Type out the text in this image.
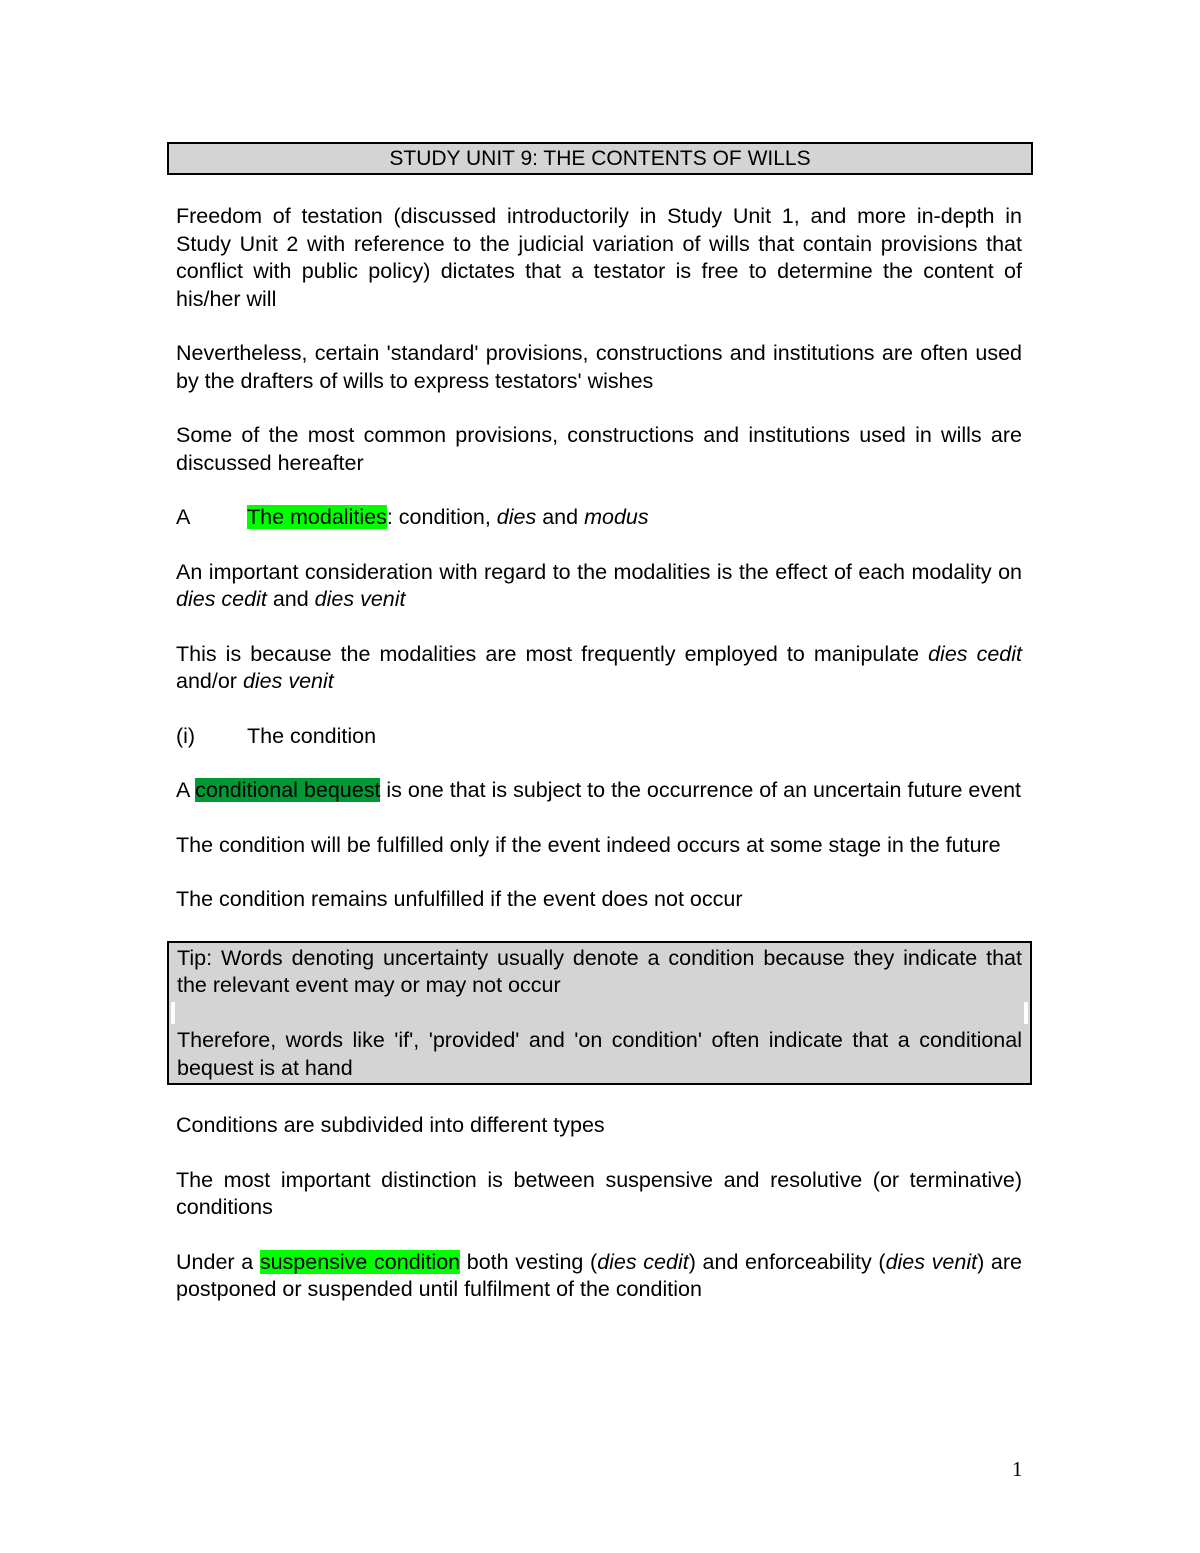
STUDY UNIT 9: THE CONTENTS OF WILLS

Freedom of testation (discussed introductorily in Study Unit 1, and more in-depth in Study Unit 2 with reference to the judicial variation of wills that contain provisions that conflict with public policy) dictates that a testator is free to determine the content of his/her will

Nevertheless, certain 'standard' provisions, constructions and institutions are often used by the drafters of wills to express testators' wishes

Some of the most common provisions, constructions and institutions used in wills are discussed hereafter

A	The modalities: condition, dies and modus

An important consideration with regard to the modalities is the effect of each modality on dies cedit and dies venit

This is because the modalities are most frequently employed to manipulate dies cedit and/or dies venit

(i)	The condition

A conditional bequest is one that is subject to the occurrence of an uncertain future event

The condition will be fulfilled only if the event indeed occurs at some stage in the future

The condition remains unfulfilled if the event does not occur

Tip: Words denoting uncertainty usually denote a condition because they indicate that the relevant event may or may not occur

Therefore, words like 'if', 'provided' and 'on condition' often indicate that a conditional bequest is at hand

Conditions are subdivided into different types

The most important distinction is between suspensive and resolutive (or terminative) conditions

Under a suspensive condition both vesting (dies cedit) and enforceability (dies venit) are postponed or suspended until fulfilment of the condition

1
